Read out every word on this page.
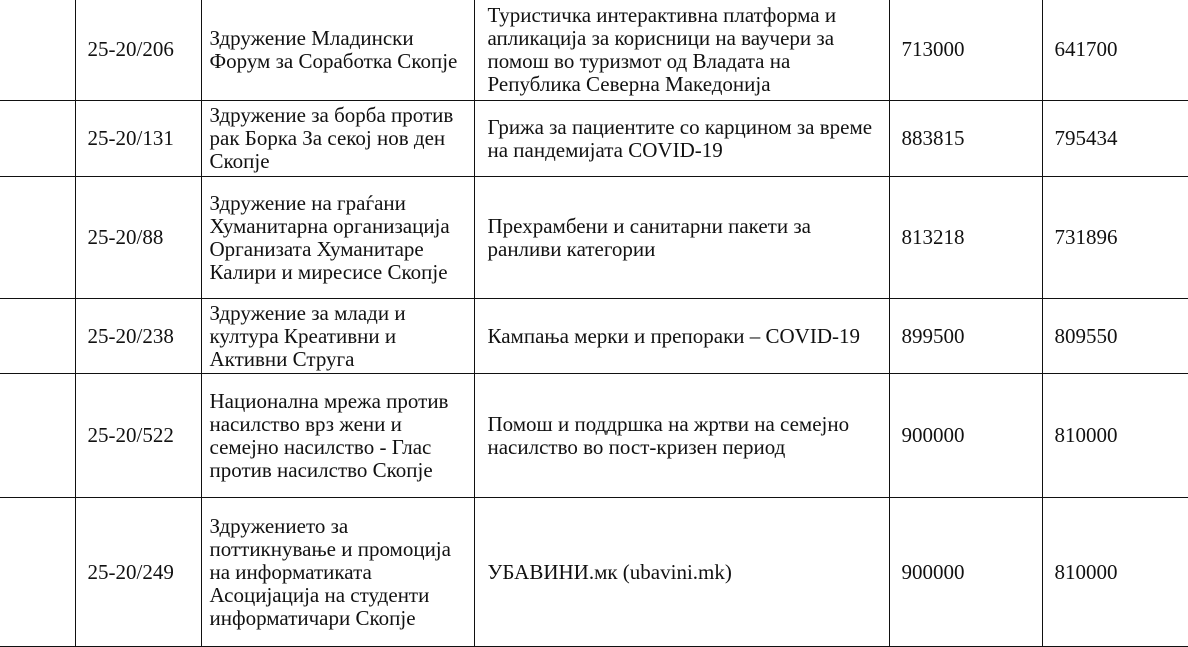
	25-20/206	Здружение Младински Форум за Соработка Скопје	Туристичка интерактивна платформа и апликација за корисници на ваучери за помош во туризмот од Владата на Република Северна Македонија	713000	641700
	25-20/131	Здружение за борба против рак Борка За секој нов ден Скопје	Грижа за пациентите со карцином за време на пандемијата COVID-19	883815	795434
	25-20/88	Здружение на граѓани Хуманитарна организација Организата Хуманитаре Калири и миресисе Скопје	Прехрамбени и санитарни пакети за ранливи категории	813218	731896
	25-20/238	Здружение за млади и култура Креативни и Активни Струга	Кампања мерки и препораки – COVID-19	899500	809550
	25-20/522	Национална мрежа против насилство врз жени и семејно насилство - Глас против насилство Скопје	Помош и поддршка на жртви на семејно насилство во пост-кризен период	900000	810000
	25-20/249	Здружението за поттикнување и промоција на информатиката Асоцијација на студенти информатичари Скопје	УБАВИНИ.мк (ubavini.mk)	900000	810000
